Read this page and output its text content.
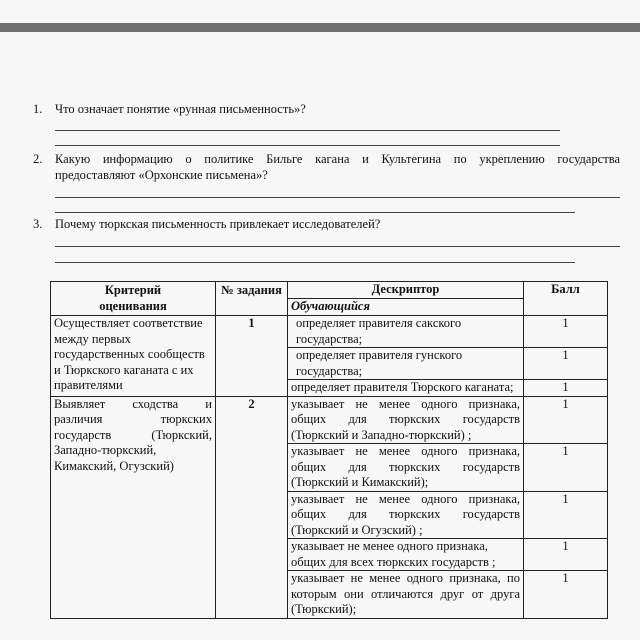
1. Что означает понятие «рунная письменность»?
2. Какую информацию о политике Бильге кагана и Культегина по укреплению государства
предоставляют «Орхонские письмена»?
3. Почему тюркская письменность привлекает исследователей?
Критерий оценивания	№ задания	Дескриптор	Балл
		Обучающийся	
Осуществляет соответствие между первых государственных сообществ и Тюркского каганата с их правителями	1	определяет правителя сакского государства;	1
		определяет правителя гунского государства;	1
		определяет правителя Тюрского каганата;	1
Выявляет сходства и различия тюркских государств (Тюркский, Западно-тюркский, Кимакский, Огузский)	2	указывает не менее одного признака, общих для тюркских государств (Тюркский и Западно-тюркский) ;	1
		указывает не менее одного признака, общих для тюркских государств (Тюркский и Кимакский);	1
		указывает не менее одного признака, общих для тюркских государств (Тюркский и Огузский) ;	1
		указывает не менее одного признака, общих для всех тюркских государств ;	1
		указывает не менее одного признака, по которым они отличаются друг от друга (Тюркский);	1
